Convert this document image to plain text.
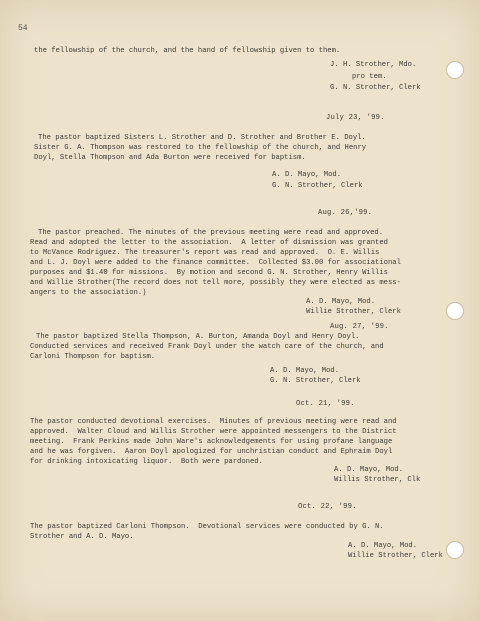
54
the fellowship of the church, and the hand of fellowship given to them.
J. H. Strother, Mdo.
pro tem.
G. N. Strother, Clerk
July 23, '99.
The pastor baptized Sisters L. Strother and D. Strother and Brother E. Doyl.
Sister G. A. Thompson was restored to the fellowship of the church, and Henry
Doyl, Stella Thompson and Ada Burton were received for baptism.
A. D. Mayo, Mod.
G. N. Strother, Clerk
Aug. 26,'99.
The pastor preached. The minutes of the previous meeting were read and approved.
Read and adopted the letter to the association.  A letter of dismission was granted
to McVance Rodriguez. The treasurer's report was read and approved.  O. E. Willis
and L. J. Doyl were added to the finance committee.  Collected $3.00 for associational
purposes and $1.40 for missions.  By motion and second G. N. Strother, Henry Willis
and Willie Strother(The record does not tell more, possibly they were elected as mess-
angers to the association.)
A. D. Mayo, Mod.
Willie Strother, Clerk
Aug. 27, '99.
The pastor baptized Stella Thompson, A. Burton, Amanda Doyl and Henry Doyl.
Conducted services and received Frank Doyl under the watch care of the church, and
Carloni Thompson for baptism.
A. D. Mayo, Mod.
G. N. Strother, Clerk
Oct. 21, '99.
The pastor conducted devotional exercises.  Minutes of previous meeting were read and
approved.  Walter Cloud and Willis Strother were appointed messengers to the District
meeting.  Frank Perkins made John Ware's acknowledgements for using profane language
and he was forgiven.  Aaron Doyl apologized for unchristian conduct and Ephraim Doyl
for drinking intoxicating liquor.  Both were pardoned.
A. D. Mayo, Mod.
Willis Strother, Clk
Oct. 22, '99.
The pastor baptized Carloni Thompson.  Devotional services were conducted by G. N.
Strother and A. D. Mayo.
A. D. Mayo, Mod.
Willie Strother, Clerk
